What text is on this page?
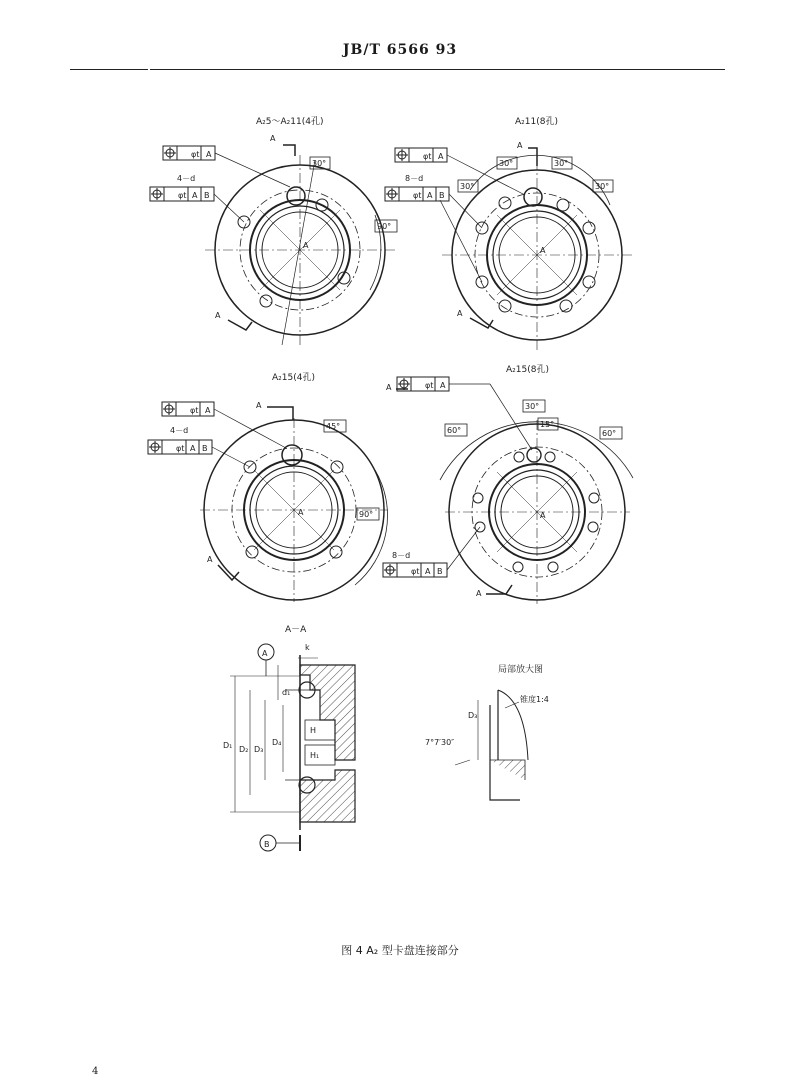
JB/T 6566 93
A₂5～A₂11(4孔)
30°
90°
A
φt A
4－d
φt A B
A
A
A₂11(8孔)
30°	30°
30°	30°
A
φt A
8－d
φt A B
A
A
A₂15(4孔)
45°
90°
A
φt A
4－d
φt A B
A
A
A₂15(8孔)
30°
15°
60°	60°
A
φt A
8－d
φt A B
A
A
A－A
D₁ D₂ D₃
D₄
d₁
H
H₁
k
A
B
局部放大图
D₃
锥度1:4
7°7′30″
图 4 A₂ 型卡盘连接部分
4
